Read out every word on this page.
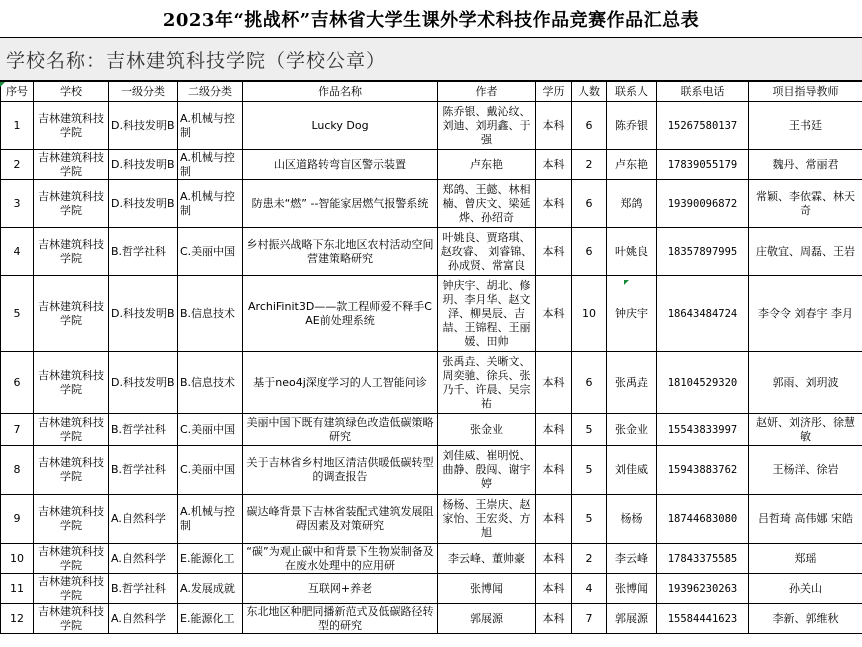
2023年“挑战杯”吉林省大学生课外学术科技作品竞赛作品汇总表
学校名称：吉林建筑科技学院（学校公章）
序号	学校	一级分类	二级分类	作品名称	作者	学历	人数	联系人	联系电话	项目指导教师
1	吉林建筑科技学院	D.科技发明B	A.机械与控制	Lucky Dog	陈乔银、戴沁纹、刘迪、刘玥鑫、于强	本科	6	陈乔银	15267580137	王书廷
2	吉林建筑科技学院	D.科技发明B	A.机械与控制	山区道路转弯盲区警示装置	卢东艳	本科	2	卢东艳	17839055179	魏丹、常丽君
3	吉林建筑科技学院	D.科技发明B	A.机械与控制	防患未“燃” --智能家居燃气报警系统	郑鸽、王懿、林相楠、曾庆文、梁延烨、孙绍奇	本科	6	郑鸽	19390096872	常颖、李依霖、林天奇
4	吉林建筑科技学院	B.哲学社科	C.美丽中国	乡村振兴战略下东北地区农村活动空间营建策略研究	叶姚良、贾珞琪、赵玫睿、 刘睿锦、孙成贤、常富良	本科	6	叶姚良	18357897995	庄敬宜、周磊、王岩
5	吉林建筑科技学院	D.科技发明B	B.信息技术	ArchiFinit3D——款工程师爱不释手CAE前处理系统	钟庆宇、胡北、修玥、李月华、赵文泽、柳昊辰、吉喆、王锦程、王丽媛、田帅	本科	10	钟庆宇	18643484724	李令令 刘春宇 李月
6	吉林建筑科技学院	D.科技发明B	B.信息技术	基于neo4j深度学习的人工智能问诊	张禹垚、关晰文、周奕驰、徐兵、张乃千、许晨、吴宗祐	本科	6	张禹垚	18104529320	郭雨、刘玥波
7	吉林建筑科技学院	B.哲学社科	C.美丽中国	美丽中国下既有建筑绿色改造低碳策略研究	张金业	本科	5	张金业	15543833997	赵妍、刘济彤、徐慧敏
8	吉林建筑科技学院	B.哲学社科	C.美丽中国	关于吉林省乡村地区清洁供暖低碳转型的调查报告	刘佳威、崔明悦、曲静、殷闯、谢宇婷	本科	5	刘佳威	15943883762	王杨洋、徐岩
9	吉林建筑科技学院	A.自然科学	A.机械与控制	碳达峰背景下吉林省装配式建筑发展阻碍因素及对策研究	杨杨、王崇庆、赵家怡、王宏炎、方旭	本科	5	杨杨	18744683080	吕哲琦 高伟娜 宋皓
10	吉林建筑科技学院	A.自然科学	E.能源化工	“碳”为观止碳中和背景下生物炭制备及在废水处理中的应用研	李云峰、董帅豪	本科	2	李云峰	17843375585	郑瑶
11	吉林建筑科技学院	B.哲学社科	A.发展成就	互联网+养老	张博闻	本科	4	张博闻	19396230263	孙关山
12	吉林建筑科技学院	A.自然科学	E.能源化工	东北地区种肥同播新范式及低碳路径转型的研究	郭展源	本科	7	郭展源	15584441623	李新、郭维秋
